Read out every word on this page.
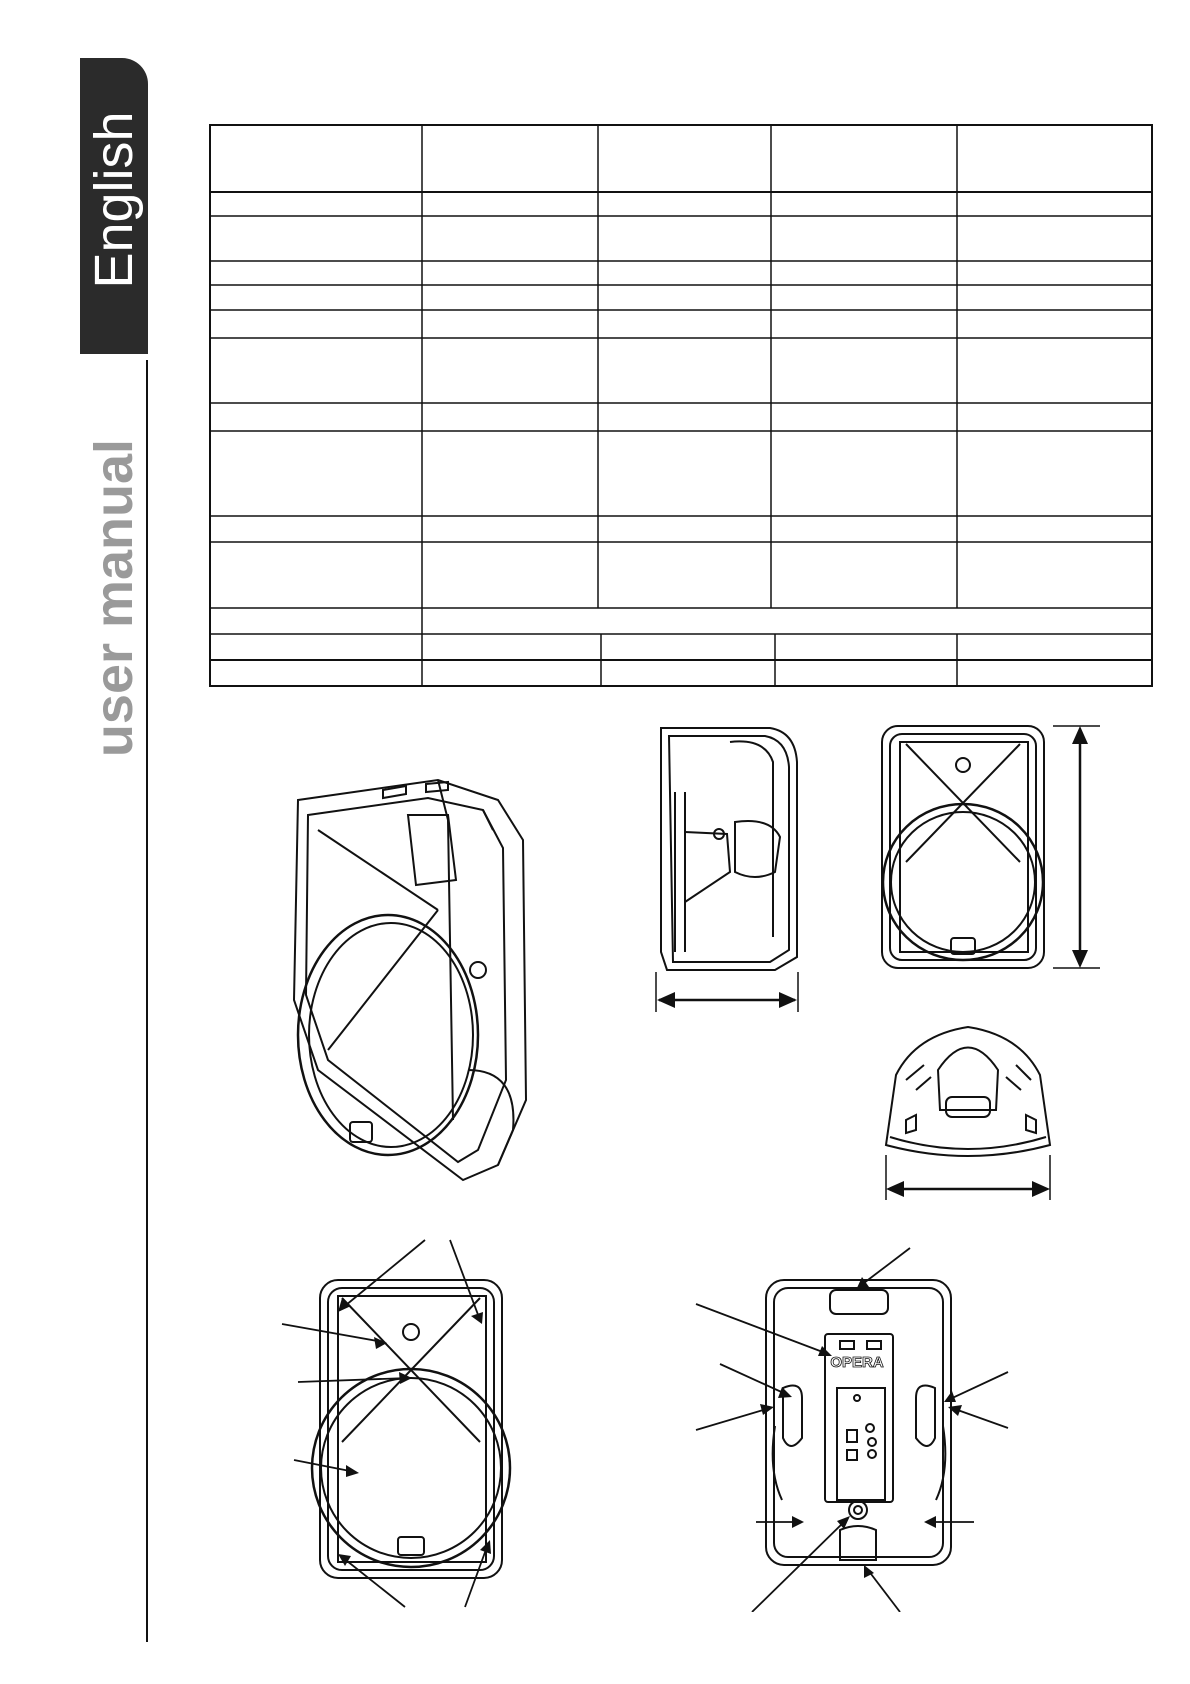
English
user manual
OPERA
